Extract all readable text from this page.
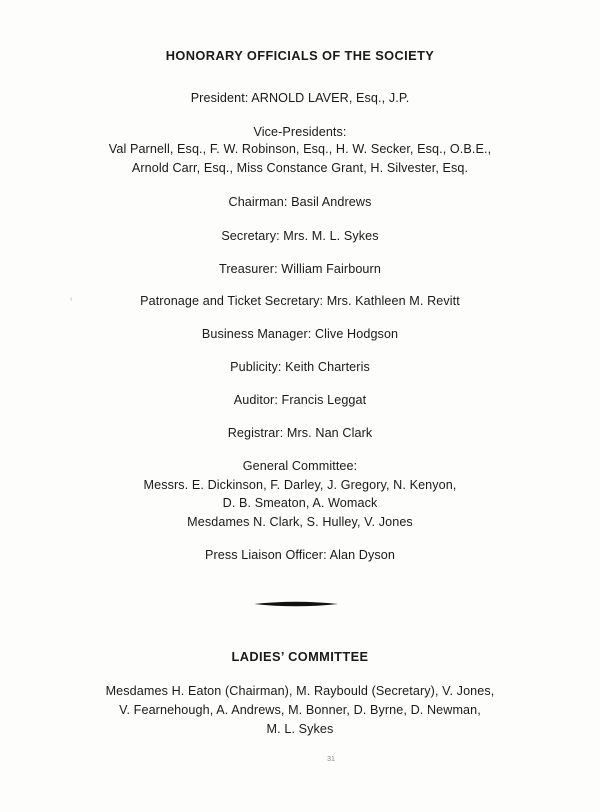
HONORARY OFFICIALS OF THE SOCIETY
President: ARNOLD LAVER, Esq., J.P.
Vice-Presidents:
Val Parnell, Esq., F. W. Robinson, Esq., H. W. Secker, Esq., O.B.E.,
Arnold Carr, Esq., Miss Constance Grant, H. Silvester, Esq.
Chairman: Basil Andrews
Secretary: Mrs. M. L. Sykes
Treasurer: William Fairbourn
Patronage and Ticket Secretary: Mrs. Kathleen M. Revitt
Business Manager: Clive Hodgson
Publicity: Keith Charteris
Auditor: Francis Leggat
Registrar: Mrs. Nan Clark
General Committee:
Messrs. E. Dickinson, F. Darley, J. Gregory, N. Kenyon,
D. B. Smeaton, A. Womack
Mesdames N. Clark, S. Hulley, V. Jones
Press Liaison Officer: Alan Dyson
LADIES’ COMMITTEE
Mesdames H. Eaton (Chairman), M. Raybould (Secretary), V. Jones,
V. Fearnehough, A. Andrews, M. Bonner, D. Byrne, D. Newman,
M. L. Sykes
31
‹
